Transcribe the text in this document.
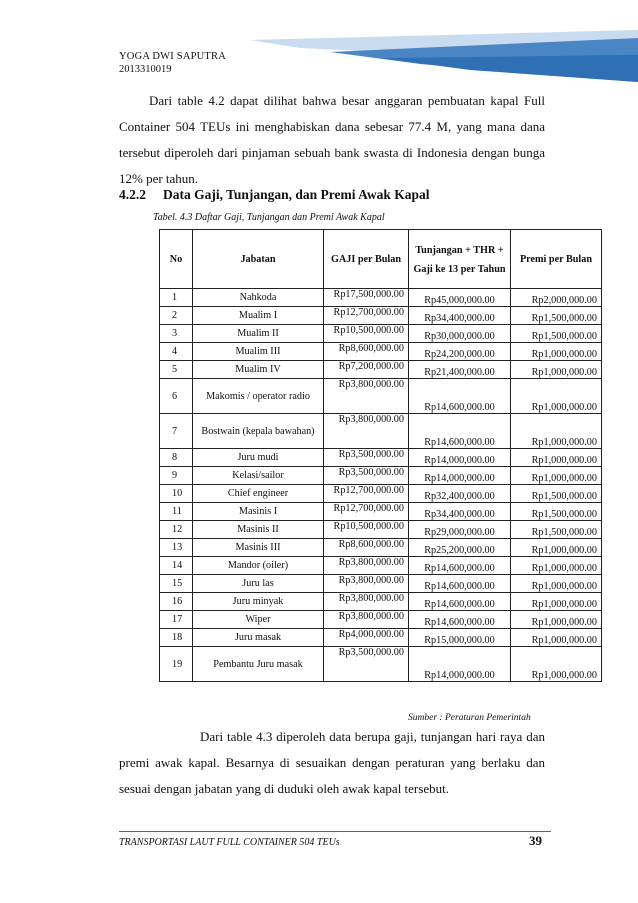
YOGA DWI SAPUTRA
2013310019
Dari table 4.2 dapat dilihat bahwa besar anggaran pembuatan kapal Full Container 504 TEUs ini menghabiskan dana sebesar 77.4 M, yang mana dana tersebut diperoleh dari pinjaman sebuah bank swasta di Indonesia dengan bunga 12% per tahun.
4.2.2 Data Gaji, Tunjangan, dan Premi Awak Kapal
Tabel. 4.3 Daftar Gaji, Tunjangan dan Premi Awak Kapal
No	Jabatan	GAJI per Bulan	Tunjangan + THR + Gaji ke 13 per Tahun	Premi per Bulan
1	Nahkoda	Rp17,500,000.00	Rp45,000,000.00	Rp2,000,000.00
2	Mualim I	Rp12,700,000.00	Rp34,400,000.00	Rp1,500,000.00
3	Mualim II	Rp10,500,000.00	Rp30,000,000.00	Rp1,500,000.00
4	Mualim III	Rp8,600,000.00	Rp24,200,000.00	Rp1,000,000.00
5	Mualim IV	Rp7,200,000.00	Rp21,400,000.00	Rp1,000,000.00
6	Makomis / operator radio	Rp3,800,000.00	Rp14,600,000.00	Rp1,000,000.00
7	Bostwain (kepala bawahan)	Rp3,800,000.00	Rp14,600,000.00	Rp1,000,000.00
8	Juru mudi	Rp3,500,000.00	Rp14,000,000.00	Rp1,000,000.00
9	Kelasi/sailor	Rp3,500,000.00	Rp14,000,000.00	Rp1,000,000.00
10	Chief engineer	Rp12,700,000.00	Rp32,400,000.00	Rp1,500,000.00
11	Masinis I	Rp12,700,000.00	Rp34,400,000.00	Rp1,500,000.00
12	Masinis II	Rp10,500,000.00	Rp29,000,000.00	Rp1,500,000.00
13	Masinis III	Rp8,600,000.00	Rp25,200,000.00	Rp1,000,000.00
14	Mandor (oiler)	Rp3,800,000.00	Rp14,600,000.00	Rp1,000,000.00
15	Juru las	Rp3,800,000.00	Rp14,600,000.00	Rp1,000,000.00
16	Juru minyak	Rp3,800,000.00	Rp14,600,000.00	Rp1,000,000.00
17	Wiper	Rp3,800,000.00	Rp14,600,000.00	Rp1,000,000.00
18	Juru masak	Rp4,000,000.00	Rp15,000,000.00	Rp1,000,000.00
19	Pembantu Juru masak	Rp3,500,000.00	Rp14,000,000.00	Rp1,000,000.00
Sumber : Peraturan Pemerintah
Dari table 4.3 diperoleh data berupa gaji, tunjangan hari raya dan premi awak kapal. Besarnya di sesuaikan dengan peraturan yang berlaku dan sesuai dengan jabatan yang di duduki oleh awak kapal tersebut.
TRANSPORTASI LAUT FULL CONTAINER 504 TEUs	39
